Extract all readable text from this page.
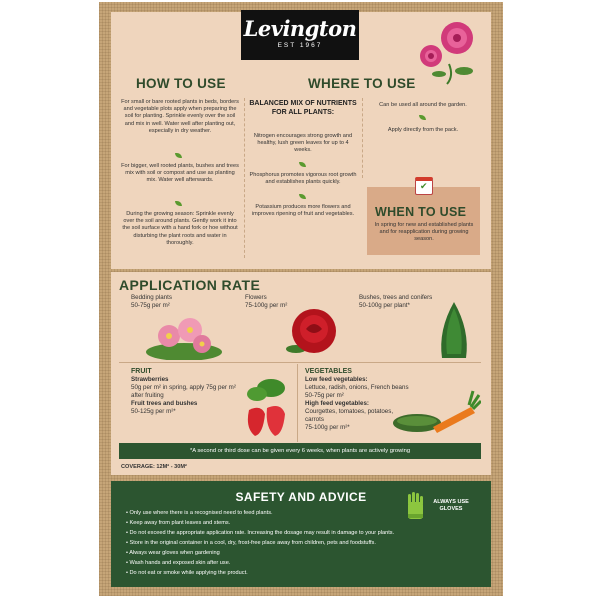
Levington
EST 1967
HOW TO USE
For small or bare rooted plants in beds, borders and vegetable plots apply when preparing the soil for planting. Sprinkle evenly over the soil and mix in well. Water well after planting out, especially in dry weather.
For bigger, well rooted plants, bushes and trees mix with soil or compost and use as planting mix. Water well afterwards.
During the growing season: Sprinkle evenly over the soil around plants. Gently work it into the soil surface with a hand fork or hoe without disturbing the plant roots and water in thoroughly.
WHERE TO USE
BALANCED MIX OF NUTRIENTS FOR ALL PLANTS:
Nitrogen encourages strong growth and healthy, lush green leaves for up to 4 weeks.
Phosphorus promotes vigorous root growth and establishes plants quickly.
Potassium produces more flowers and improves ripening of fruit and vegetables.
Can be used all around the garden.
Apply directly from the pack.
✔
WHEN TO USE
In spring for new and established plants and for reapplication during growing season.
APPLICATION RATE
Bedding plants
50-75g per m²
Flowers
75-100g per m²
Bushes, trees and conifers
50-100g per plant*
FRUIT
Strawberries
50g per m² in spring, apply 75g per m² after fruiting
Fruit trees and bushes
50-125g per m²*
VEGETABLES
Low feed vegetables:
Lettuce, radish, onions, French beans
50-75g per m²
High feed vegetables:
Courgettes, tomatoes, potatoes, carrots
75-100g per m²*
*A second or third dose can be given every 6 weeks, when plants are actively growing
COVERAGE: 12M² - 30M²
• Only use where there is a recognised need to feed plants.
• Keep away from plant leaves and stems.
• Do not exceed the appropriate application rate. Increasing the dosage may result in damage to your plants.
• Store in the original container in a cool, dry, frost-free place away from children, pets and foodstuffs.
• Always wear gloves when gardening
• Wash hands and exposed skin after use.
• Do not eat or smoke while applying the product.
SAFETY AND ADVICE	ALWAYS USE GLOVES
